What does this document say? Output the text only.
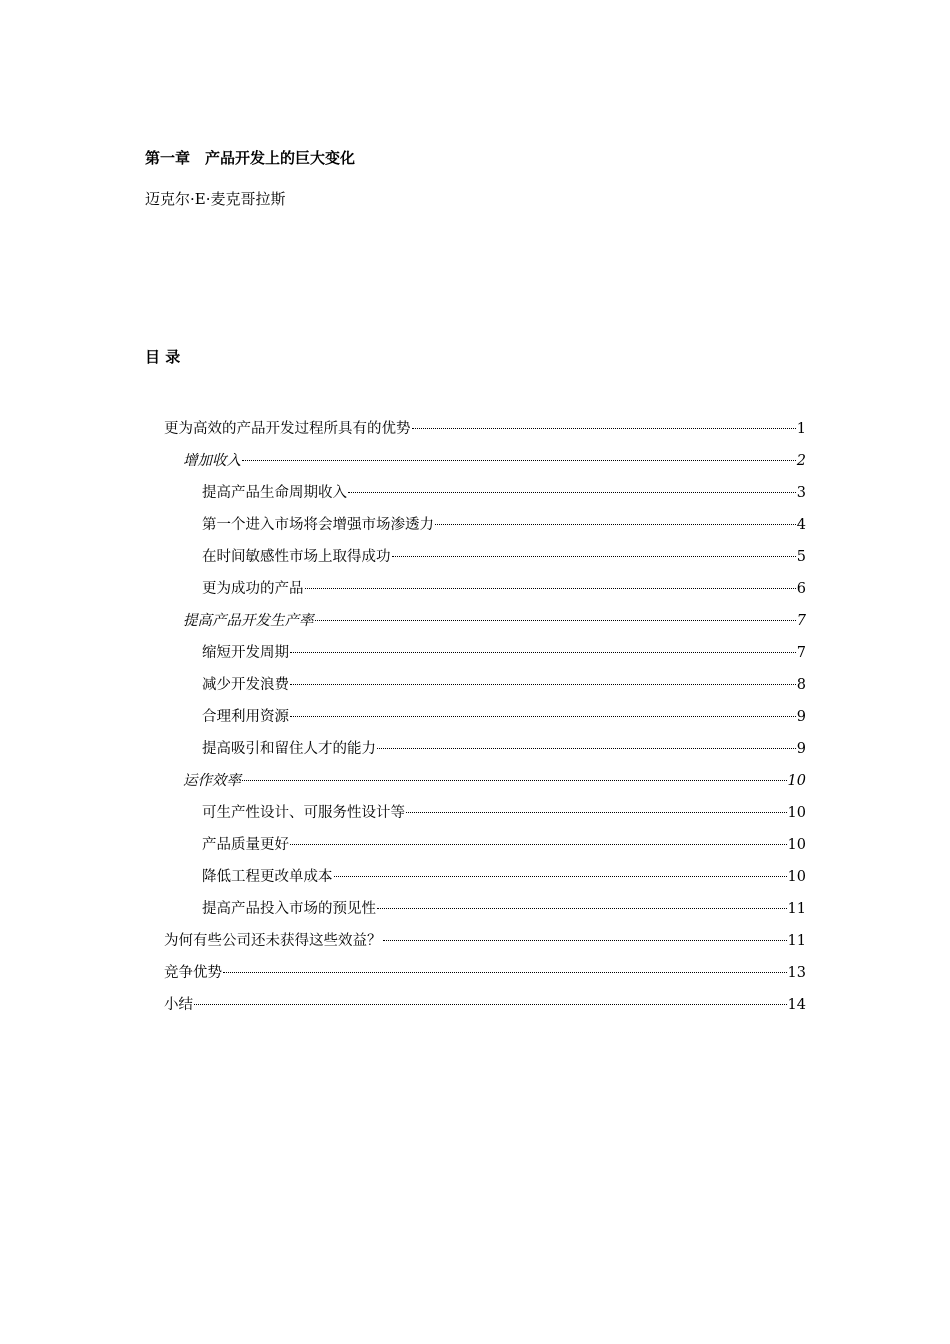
第一章　产品开发上的巨大变化
迈克尔·E·麦克哥拉斯
目 录
更为高效的产品开发过程所具有的优势	1
增加收入	2
提高产品生命周期收入	3
第一个进入市场将会增强市场渗透力	4
在时间敏感性市场上取得成功	5
更为成功的产品	6
提高产品开发生产率	7
缩短开发周期	7
减少开发浪费	8
合理利用资源	9
提高吸引和留住人才的能力	9
运作效率	10
可生产性设计、可服务性设计等	10
产品质量更好	10
降低工程更改单成本	10
提高产品投入市场的预见性	11
为何有些公司还未获得这些效益？	11
竞争优势	13
小结	14
